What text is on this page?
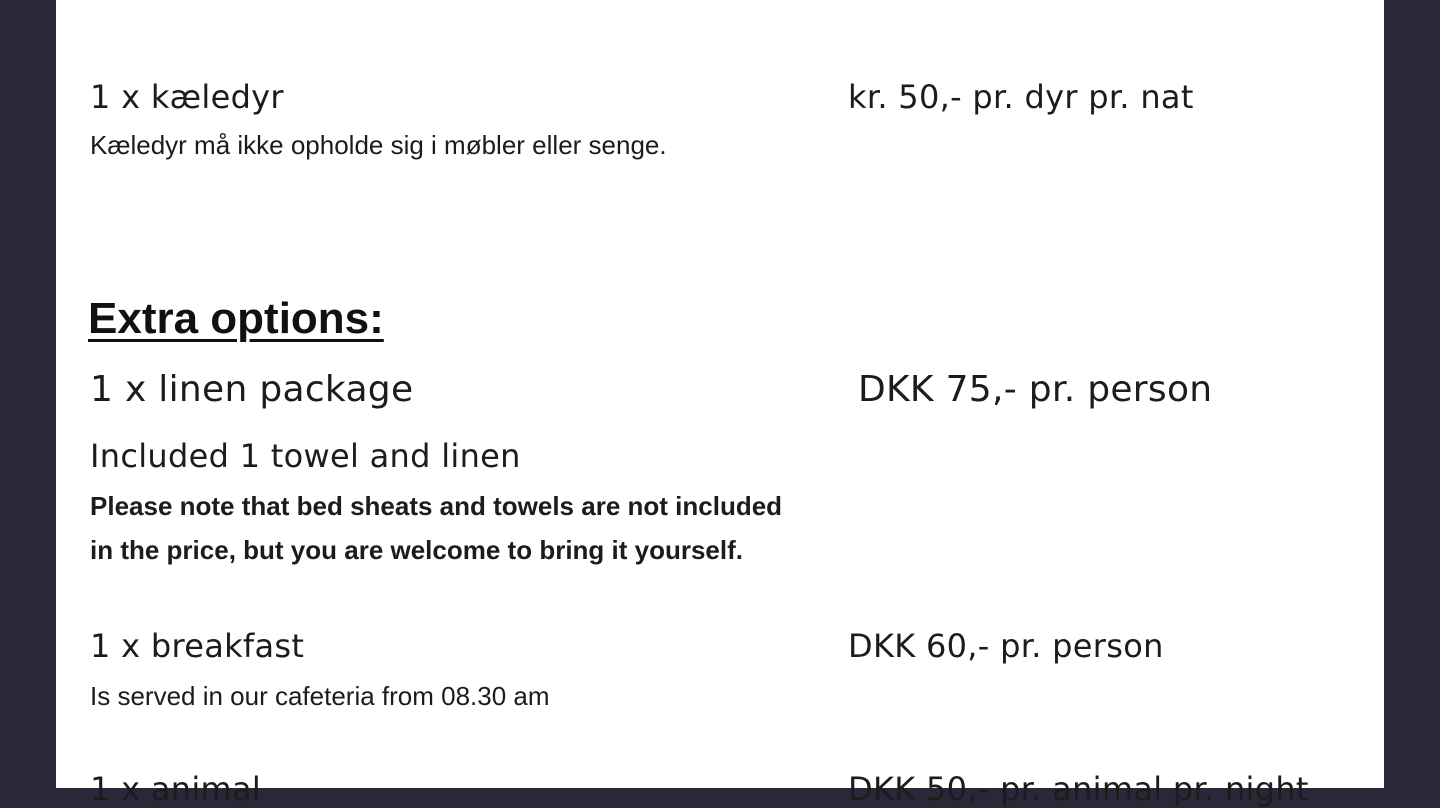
1 x kæledyr	kr. 50,- pr. dyr pr. nat
Kæledyr må ikke opholde sig i møbler eller senge.
Extra options:
1 x linen package	DKK 75,- pr. person
Included 1 towel and linen
Please note that bed sheats and towels are not included
in the price, but you are welcome to bring it yourself.
1 x breakfast	DKK 60,- pr. person
Is served in our cafeteria from 08.30 am
1 x animal	DKK 50,- pr. animal pr. night
